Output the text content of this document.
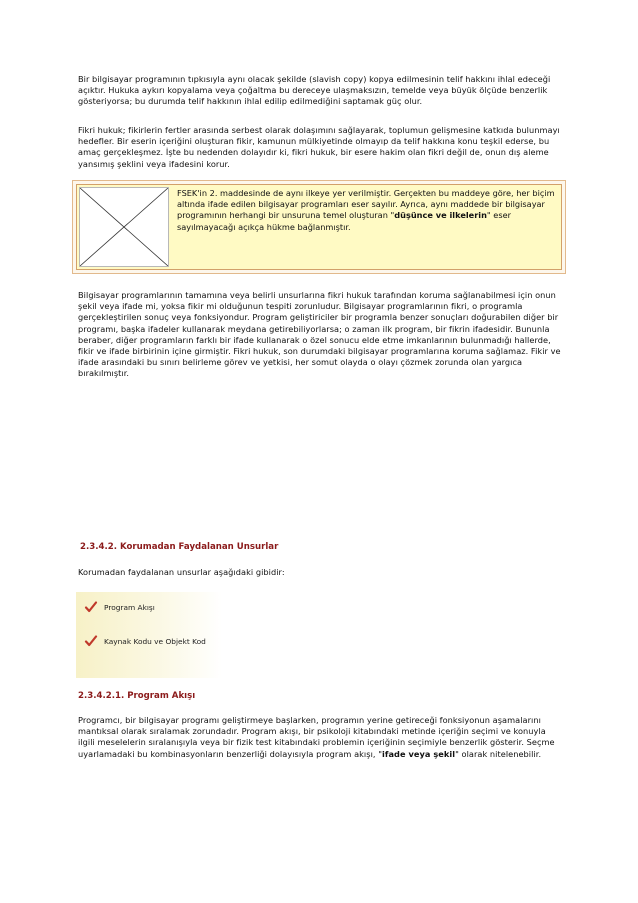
Bir bilgisayar programının tıpkısıyla aynı olacak şekilde (slavish copy) kopya edilmesinin telif hakkını ihlal edeceği açıktır. Hukuka aykırı kopyalama veya çoğaltma bu dereceye ulaşmaksızın, temelde veya büyük ölçüde benzerlik gösteriyorsa; bu durumda telif hakkının ihlal edilip edilmediğini saptamak güç olur.

Fikri hukuk; fikirlerin fertler arasında serbest olarak dolaşımını sağlayarak, toplumun gelişmesine katkıda bulunmayı hedefler. Bir eserin içeriğini oluşturan fikir, kamunun mülkiyetinde olmayıp da telif hakkına konu teşkil ederse, bu amaç gerçekleşmez. İşte bu nedenden dolayıdır ki, fikri hukuk, bir esere hakim olan fikri değil de, onun dış aleme yansımış şeklini veya ifadesini korur.

FSEK'in 2. maddesinde de aynı ilkeye yer verilmiştir. Gerçekten bu maddeye göre, her biçim altında ifade edilen bilgisayar programları eser sayılır. Ayrıca, aynı maddede bir bilgisayar programının herhangi bir unsuruna temel oluşturan "düşünce ve ilkelerin" eser sayılmayacağı açıkça hükme bağlanmıştır.

Bilgisayar programlarının tamamına veya belirli unsurlarına fikri hukuk tarafından koruma sağlanabilmesi için onun şekil veya ifade mi, yoksa fikir mi olduğunun tespiti zorunludur. Bilgisayar programlarının fikri, o programla gerçekleştirilen sonuç veya fonksiyondur. Program geliştiriciler bir programla benzer sonuçları doğurabilen diğer bir programı, başka ifadeler kullanarak meydana getirebiliyorlarsa; o zaman ilk program, bir fikrin ifadesidir. Bununla beraber, diğer programların farklı bir ifade kullanarak o özel sonucu elde etme imkanlarının bulunmadığı hallerde, fikir ve ifade birbirinin içine girmiştir. Fikri hukuk, son durumdaki bilgisayar programlarına koruma sağlamaz. Fikir ve ifade arasındaki bu sınırı belirleme görev ve yetkisi, her somut olayda o olayı çözmek zorunda olan yargıca bırakılmıştır.

2.3.4.2. Korumadan Faydalanan Unsurlar

Korumadan faydalanan unsurlar aşağıdaki gibidir:

Program Akışı
Kaynak Kodu ve Objekt Kod

2.3.4.2.1. Program Akışı

Programcı, bir bilgisayar programı geliştirmeye başlarken, programın yerine getireceği fonksiyonun aşamalarını mantıksal olarak sıralamak zorundadır. Program akışı, bir psikoloji kitabındaki metinde içeriğin seçimi ve konuyla ilgili meselelerin sıralanışıyla veya bir fizik test kitabındaki problemin içeriğinin seçimiyle benzerlik gösterir. Seçme uyarlamadaki bu kombinasyonların benzerliği dolayısıyla program akışı, "ifade veya şekil" olarak nitelenebilir.
